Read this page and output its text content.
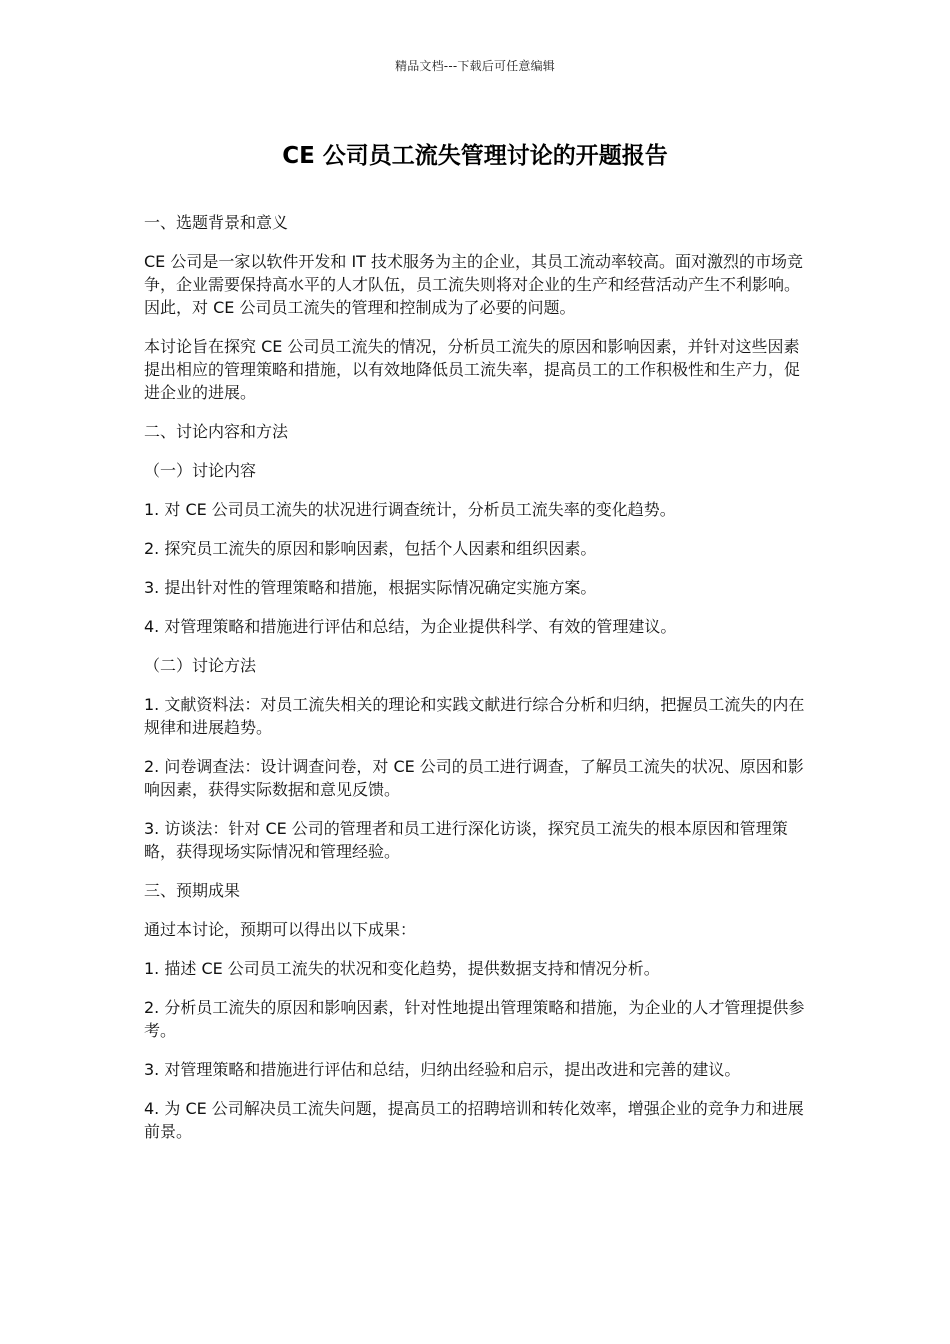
精品文档---下载后可任意编辑
CE 公司员工流失管理讨论的开题报告

一、选题背景和意义

CE 公司是一家以软件开发和 IT 技术服务为主的企业，其员工流动率较高。面对激烈的市场竞争，企业需要保持高水平的人才队伍，员工流失则将对企业的生产和经营活动产生不利影响。因此，对 CE 公司员工流失的管理和控制成为了必要的问题。

本讨论旨在探究 CE 公司员工流失的情况，分析员工流失的原因和影响因素，并针对这些因素提出相应的管理策略和措施，以有效地降低员工流失率，提高员工的工作积极性和生产力，促进企业的进展。

二、讨论内容和方法

（一）讨论内容

1. 对 CE 公司员工流失的状况进行调查统计，分析员工流失率的变化趋势。

2. 探究员工流失的原因和影响因素，包括个人因素和组织因素。

3. 提出针对性的管理策略和措施，根据实际情况确定实施方案。

4. 对管理策略和措施进行评估和总结，为企业提供科学、有效的管理建议。

（二）讨论方法

1. 文献资料法：对员工流失相关的理论和实践文献进行综合分析和归纳，把握员工流失的内在规律和进展趋势。

2. 问卷调查法：设计调查问卷，对 CE 公司的员工进行调查，了解员工流失的状况、原因和影响因素，获得实际数据和意见反馈。

3. 访谈法：针对 CE 公司的管理者和员工进行深化访谈，探究员工流失的根本原因和管理策略，获得现场实际情况和管理经验。

三、预期成果

通过本讨论，预期可以得出以下成果：

1. 描述 CE 公司员工流失的状况和变化趋势，提供数据支持和情况分析。

2. 分析员工流失的原因和影响因素，针对性地提出管理策略和措施，为企业的人才管理提供参考。

3. 对管理策略和措施进行评估和总结，归纳出经验和启示，提出改进和完善的建议。

4. 为 CE 公司解决员工流失问题，提高员工的招聘培训和转化效率，增强企业的竞争力和进展前景。
